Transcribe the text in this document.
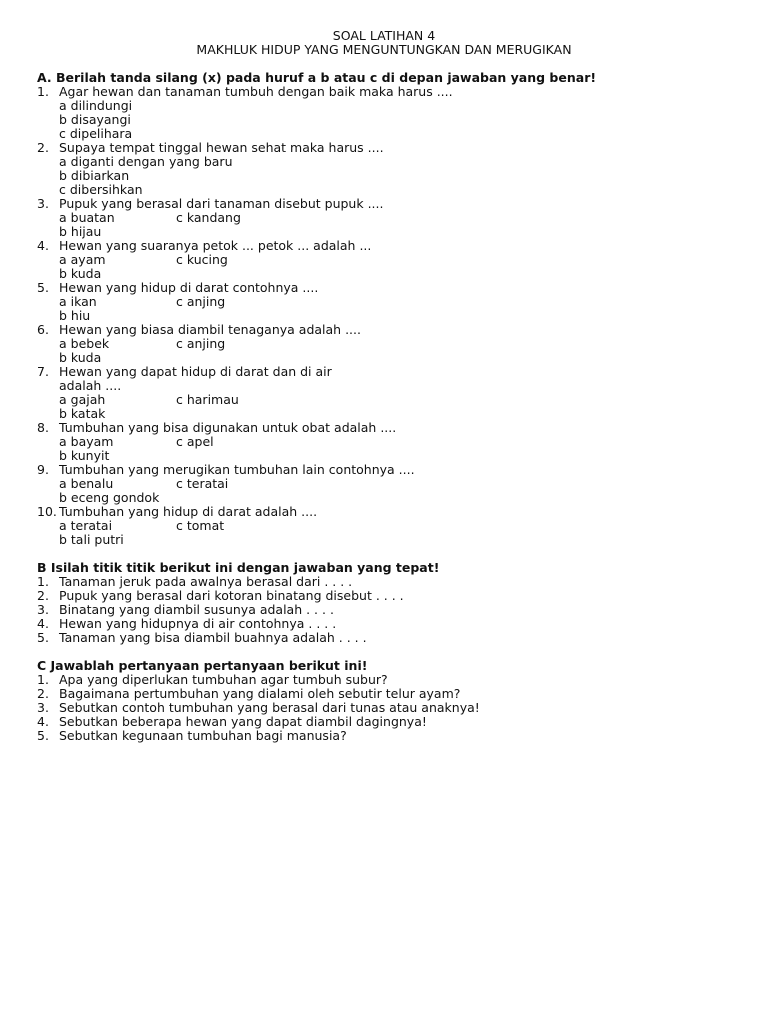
SOAL LATIHAN 4
MAKHLUK HIDUP YANG MENGUNTUNGKAN DAN MERUGIKAN
A. Berilah tanda silang (x) pada huruf a b atau c di depan jawaban yang benar!
1. Agar hewan dan tanaman tumbuh dengan baik maka harus ....
a dilindungi
b disayangi
c dipelihara
2. Supaya tempat tinggal hewan sehat maka harus ....
a diganti dengan yang baru
b dibiarkan
c dibersihkan
3. Pupuk yang berasal dari tanaman disebut pupuk ....
a buatan	c kandang
b hijau
4. Hewan yang suaranya petok ... petok ... adalah ...
a ayam	c kucing
b kuda
5. Hewan yang hidup di darat contohnya ....
a ikan	c anjing
b hiu
6. Hewan yang biasa diambil tenaganya adalah ....
a bebek	c anjing
b kuda
7. Hewan yang dapat hidup di darat dan di air
adalah ....
a gajah	c harimau
b katak
8. Tumbuhan yang bisa digunakan untuk obat adalah ....
a bayam	c apel
b kunyit
9. Tumbuhan yang merugikan tumbuhan lain contohnya ....
a benalu	c teratai
b eceng gondok
10. Tumbuhan yang hidup di darat adalah ....
a teratai	c tomat
b tali putri
B Isilah titik titik berikut ini dengan jawaban yang tepat!
1. Tanaman jeruk pada awalnya berasal dari . . . .
2. Pupuk yang berasal dari kotoran binatang disebut . . . .
3. Binatang yang diambil susunya adalah . . . .
4. Hewan yang hidupnya di air contohnya . . . .
5. Tanaman yang bisa diambil buahnya adalah . . . .
C Jawablah pertanyaan pertanyaan berikut ini!
1. Apa yang diperlukan tumbuhan agar tumbuh subur?
2. Bagaimana pertumbuhan yang dialami oleh sebutir telur ayam?
3. Sebutkan contoh tumbuhan yang berasal dari tunas atau anaknya!
4. Sebutkan beberapa hewan yang dapat diambil dagingnya!
5. Sebutkan kegunaan tumbuhan bagi manusia?
